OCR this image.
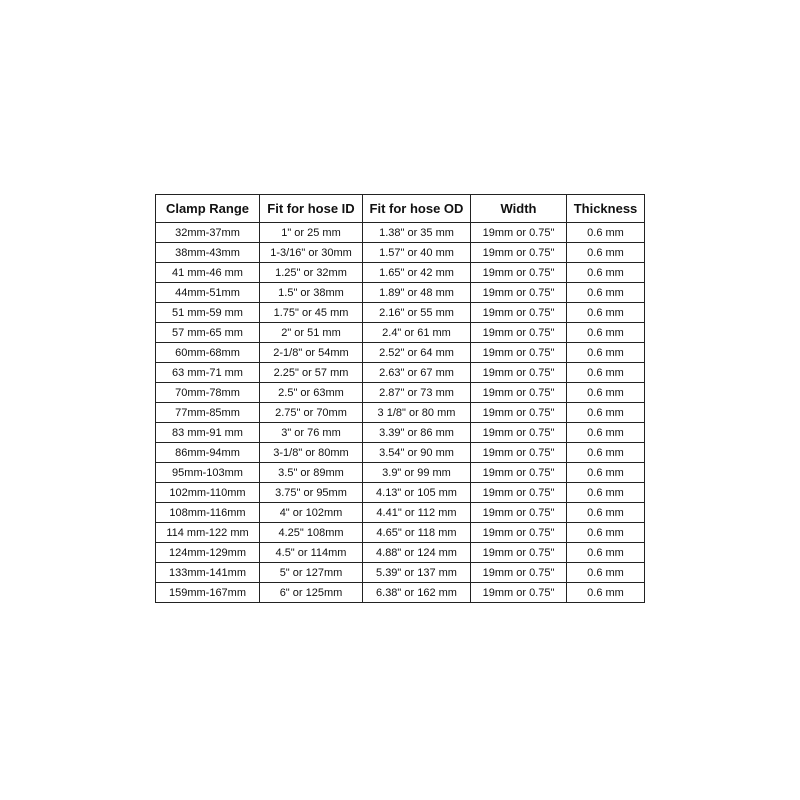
Clamp Range	Fit for hose ID	Fit for hose OD	Width	Thickness
32mm-37mm	1" or 25 mm	1.38" or 35 mm	19mm or 0.75"	0.6 mm
38mm-43mm	1-3/16" or 30mm	1.57" or 40 mm	19mm or 0.75"	0.6 mm
41 mm-46 mm	1.25" or 32mm	1.65" or 42 mm	19mm or 0.75"	0.6 mm
44mm-51mm	1.5" or 38mm	1.89" or 48 mm	19mm or 0.75"	0.6 mm
51 mm-59 mm	1.75" or 45 mm	2.16" or 55 mm	19mm or 0.75"	0.6 mm
57 mm-65 mm	2" or 51 mm	2.4" or 61 mm	19mm or 0.75"	0.6 mm
60mm-68mm	2-1/8" or 54mm	2.52" or 64 mm	19mm or 0.75"	0.6 mm
63 mm-71 mm	2.25" or 57 mm	2.63" or 67 mm	19mm or 0.75"	0.6 mm
70mm-78mm	2.5" or 63mm	2.87" or 73 mm	19mm or 0.75"	0.6 mm
77mm-85mm	2.75" or 70mm	3 1/8" or 80 mm	19mm or 0.75"	0.6 mm
83 mm-91 mm	3" or 76 mm	3.39" or 86 mm	19mm or 0.75"	0.6 mm
86mm-94mm	3-1/8" or 80mm	3.54" or 90 mm	19mm or 0.75"	0.6 mm
95mm-103mm	3.5" or 89mm	3.9" or 99 mm	19mm or 0.75"	0.6 mm
102mm-110mm	3.75" or 95mm	4.13" or 105 mm	19mm or 0.75"	0.6 mm
108mm-116mm	4" or 102mm	4.41" or 112 mm	19mm or 0.75"	0.6 mm
114 mm-122 mm	4.25" 108mm	4.65" or 118 mm	19mm or 0.75"	0.6 mm
124mm-129mm	4.5" or 114mm	4.88" or 124 mm	19mm or 0.75"	0.6 mm
133mm-141mm	5" or 127mm	5.39" or 137 mm	19mm or 0.75"	0.6 mm
159mm-167mm	6" or 125mm	6.38" or 162 mm	19mm or 0.75"	0.6 mm
